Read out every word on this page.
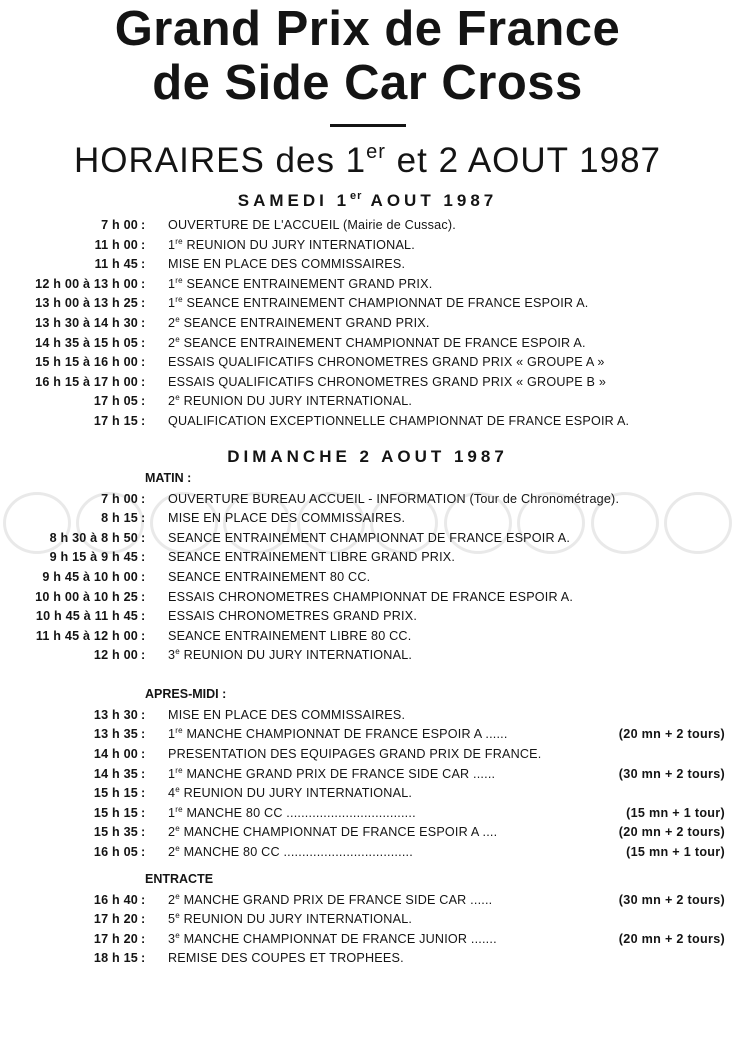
Grand Prix de France
de Side Car Cross
HORAIRES des 1er et 2 AOUT 1987
SAMEDI 1er AOUT 1987
7 h 00 : OUVERTURE DE L'ACCUEIL (Mairie de Cussac).
11 h 00 : 1re REUNION DU JURY INTERNATIONAL.
11 h 45 : MISE EN PLACE DES COMMISSAIRES.
12 h 00 à 13 h 00 : 1re SEANCE ENTRAINEMENT GRAND PRIX.
13 h 00 à 13 h 25 : 1re SEANCE ENTRAINEMENT CHAMPIONNAT DE FRANCE ESPOIR A.
13 h 30 à 14 h 30 : 2e SEANCE ENTRAINEMENT GRAND PRIX.
14 h 35 à 15 h 05 : 2e SEANCE ENTRAINEMENT CHAMPIONNAT DE FRANCE ESPOIR A.
15 h 15 à 16 h 00 : ESSAIS QUALIFICATIFS CHRONOMETRES GRAND PRIX « GROUPE A »
16 h 15 à 17 h 00 : ESSAIS QUALIFICATIFS CHRONOMETRES GRAND PRIX « GROUPE B »
17 h 05 : 2e REUNION DU JURY INTERNATIONAL.
17 h 15 : QUALIFICATION EXCEPTIONNELLE CHAMPIONNAT DE FRANCE ESPOIR A.
DIMANCHE 2 AOUT 1987
MATIN :
7 h 00 : OUVERTURE BUREAU ACCUEIL - INFORMATION (Tour de Chronométrage).
8 h 15 : MISE EN PLACE DES COMMISSAIRES.
8 h 30 à 8 h 50 : SEANCE ENTRAINEMENT CHAMPIONNAT DE FRANCE ESPOIR A.
9 h 15 à 9 h 45 : SEANCE ENTRAINEMENT LIBRE GRAND PRIX.
9 h 45 à 10 h 00 : SEANCE ENTRAINEMENT 80 CC.
10 h 00 à 10 h 25 : ESSAIS CHRONOMETRES CHAMPIONNAT DE FRANCE ESPOIR A.
10 h 45 à 11 h 45 : ESSAIS CHRONOMETRES GRAND PRIX.
11 h 45 à 12 h 00 : SEANCE ENTRAINEMENT LIBRE 80 CC.
12 h 00 : 3e REUNION DU JURY INTERNATIONAL.
APRES-MIDI :
13 h 30 : MISE EN PLACE DES COMMISSAIRES.
13 h 35 : 1re MANCHE CHAMPIONNAT DE FRANCE ESPOIR A ......	(20 mn + 2 tours)
14 h 00 : PRESENTATION DES EQUIPAGES GRAND PRIX DE FRANCE.
14 h 35 : 1re MANCHE GRAND PRIX DE FRANCE SIDE CAR ......	(30 mn + 2 tours)
15 h 15 : 4e REUNION DU JURY INTERNATIONAL.
15 h 15 : 1re MANCHE 80 CC ...................................	(15 mn + 1 tour)
15 h 35 : 2e MANCHE CHAMPIONNAT DE FRANCE ESPOIR A ....	(20 mn + 2 tours)
16 h 05 : 2e MANCHE 80 CC ...................................	(15 mn + 1 tour)
ENTRACTE
16 h 40 : 2e MANCHE GRAND PRIX DE FRANCE SIDE CAR ......	(30 mn + 2 tours)
17 h 20 : 5e REUNION DU JURY INTERNATIONAL.
17 h 20 : 3e MANCHE CHAMPIONNAT DE FRANCE JUNIOR .......	(20 mn + 2 tours)
18 h 15 : REMISE DES COUPES ET TROPHEES.
